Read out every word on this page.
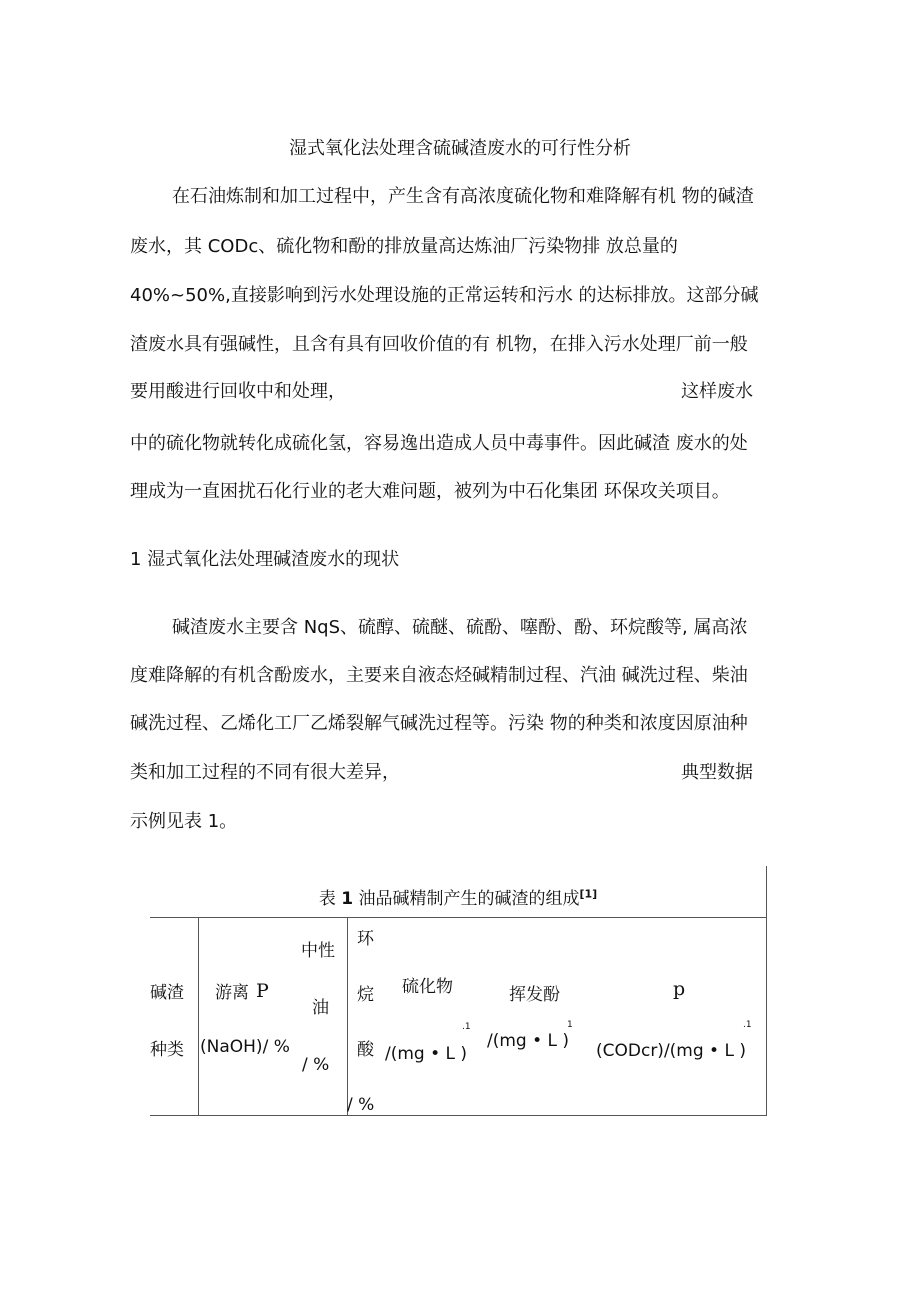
湿式氧化法处理含硫碱渣废水的可行性分析
在石油炼制和加工过程中，产生含有高浓度硫化物和难降解有机 物的碱渣
废水，其 CODc、硫化物和酚的排放量高达炼油厂污染物排 放总量的
40%~50%,直接影响到污水处理设施的正常运转和污水 的达标排放。这部分碱
渣废水具有强碱性，且含有具有回收价值的有 机物，在排入污水处理厂前一般
要用酸进行回收中和处理，	这样废水
中的硫化物就转化成硫化氢，容易逸出造成人员中毒事件。因此碱渣 废水的处
理成为一直困扰石化行业的老大难问题，被列为中石化集团 环保攻关项目。
1 湿式氧化法处理碱渣废水的现状
碱渣废水主要含 NqS、硫醇、硫醚、硫酚、噻酚、酚、环烷酸等, 属高浓
度难降解的有机含酚废水，主要来自液态烃碱精制过程、汽油 碱洗过程、柴油
碱洗过程、乙烯化工厂乙烯裂解气碱洗过程等。污染 物的种类和浓度因原油种
类和加工过程的不同有很大差异，	典型数据
示例见表 1。
表 1 油品碱精制产生的碱渣的组成[1]
碱渣
种类
游离 P
(NaOH)/ %
中性
油
/ %
环
烷
酸
/ %
硫化物
/(mg • L )
.1
挥发酚
/(mg • L )
1
p
(CODcr)/(mg • L )
.1
